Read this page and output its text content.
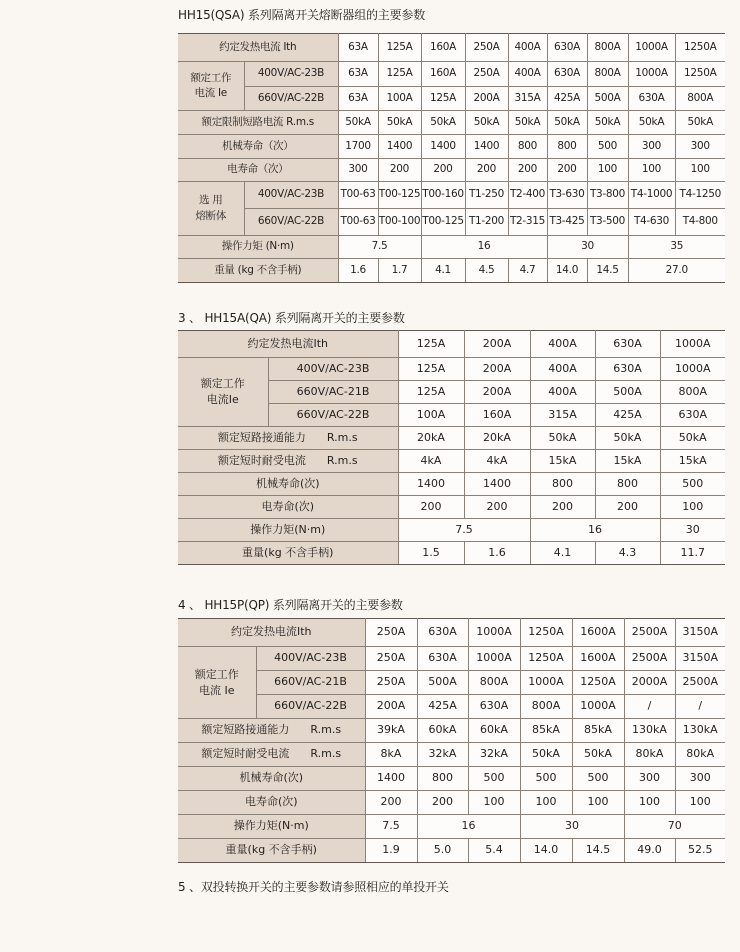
HH15(QSA) 系列隔离开关熔断器组的主要参数
约定发热电流 Ith		63A	125A	160A	250A	400A	630A	800A	1000A	1250A
额定工作
电流 Ie	400V/AC-23B	63A	125A	160A	250A	400A	630A	800A	1000A	1250A
	660V/AC-22B	63A	100A	125A	200A	315A	425A	500A	630A	800A
额定限制短路电流 R.m.s		50kA	50kA	50kA	50kA	50kA	50kA	50kA	50kA	50kA
机械寿命（次）		1700	1400	1400	1400	800	800	500	300	300
电寿命（次）		300	200	200	200	200	200	100	100	100
选 用
熔断体	400V/AC-23B	T00-63	T00-125	T00-160	T1-250	T2-400	T3-630	T3-800	T4-1000	T4-1250
	660V/AC-22B	T00-63	T00-100	T00-125	T1-200	T2-315	T3-425	T3-500	T4-630	T4-800
操作力矩 (N·m)		7.5		16			30		35	
重量 (kg 不含手柄)		1.6	1.7	4.1	4.5	4.7	14.0	14.5	27.0	
3 、 HH15A(QA) 系列隔离开关的主要参数
约定发热电流Ith		125A	200A	400A	630A	1000A
额定工作
电流Ie	400V/AC-23B	125A	200A	400A	630A	1000A
	660V/AC-21B	125A	200A	400A	500A	800A
	660V/AC-22B	100A	160A	315A	425A	630A
额定短路接通能力 R.m.s		20kA	20kA	50kA	50kA	50kA
额定短时耐受电流 R.m.s		4kA	4kA	15kA	15kA	15kA
机械寿命(次)		1400	1400	800	800	500
电寿命(次)		200	200	200	200	100
操作力矩(N·m)		7.5		16		30
重量(kg 不含手柄)		1.5	1.6	4.1	4.3	11.7
4 、 HH15P(QP) 系列隔离开关的主要参数
约定发热电流Ith		250A	630A	1000A	1250A	1600A	2500A	3150A
额定工作
电流 Ie	400V/AC-23B	250A	630A	1000A	1250A	1600A	2500A	3150A
	660V/AC-21B	250A	500A	800A	1000A	1250A	2000A	2500A
	660V/AC-22B	200A	425A	630A	800A	1000A	/	/
额定短路接通能力 R.m.s		39kA	60kA	60kA	85kA	85kA	130kA	130kA
额定短时耐受电流 R.m.s		8kA	32kA	32kA	50kA	50kA	80kA	80kA
机械寿命(次)		1400	800	500	500	500	300	300
电寿命(次)		200	200	100	100	100	100	100
操作力矩(N·m)		7.5	16		30		70	
重量(kg 不含手柄)		1.9	5.0	5.4	14.0	14.5	49.0	52.5
5 、双投转换开关的主要参数请参照相应的单投开关
